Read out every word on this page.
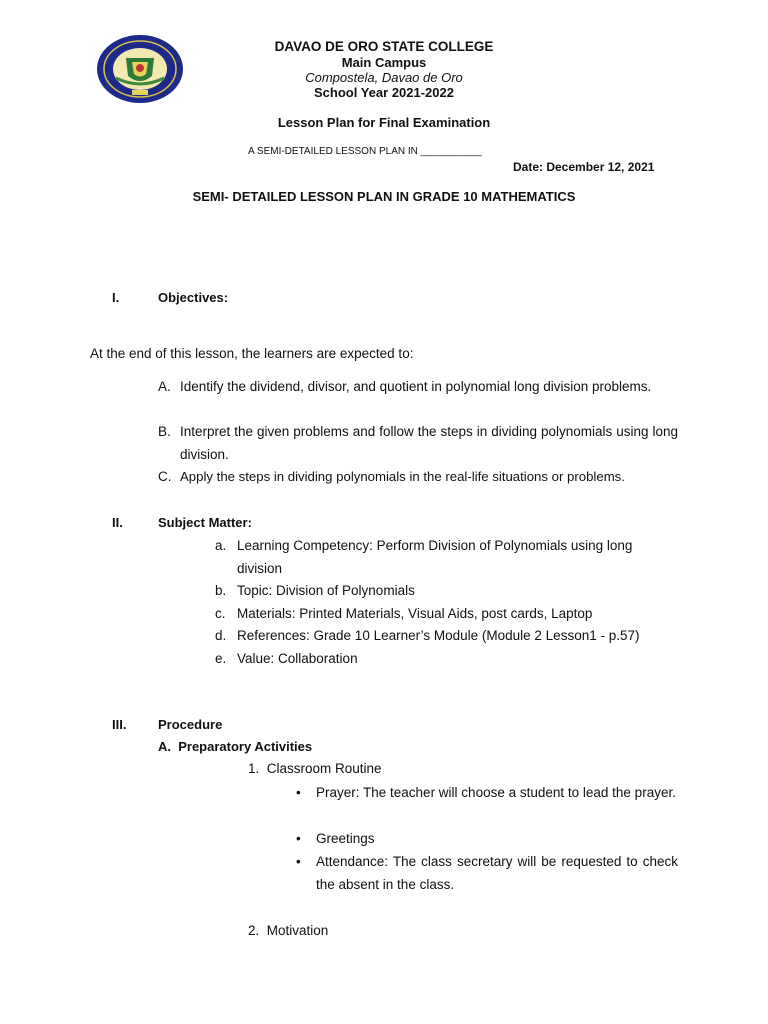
DAVAO DE ORO STATE COLLEGE
Main Campus
Compostela, Davao de Oro
School Year 2021-2022
Lesson Plan for Final Examination
A SEMI-DETAILED LESSON PLAN IN ___________
Date: December 12, 2021
SEMI- DETAILED LESSON PLAN IN GRADE 10 MATHEMATICS
I.	Objectives:
At the end of this lesson, the learners are expected to:
A. Identify the dividend, divisor, and quotient in polynomial long division problems.
B. Interpret the given problems and follow the steps in dividing polynomials using long division.
C. Apply the steps in dividing polynomials in the real-life situations or problems.
II.	Subject Matter:
a. Learning Competency: Perform Division of Polynomials using long division
b. Topic: Division of Polynomials
c. Materials: Printed Materials, Visual Aids, post cards, Laptop
d. References: Grade 10 Learner’s Module (Module 2 Lesson1 - p.57)
e. Value: Collaboration
III. Procedure
A.  Preparatory Activities
1.  Classroom Routine
• Prayer: The teacher will choose a student to lead the prayer.
• Greetings
• Attendance: The class secretary will be requested to check the absent in the class.
2.  Motivation
